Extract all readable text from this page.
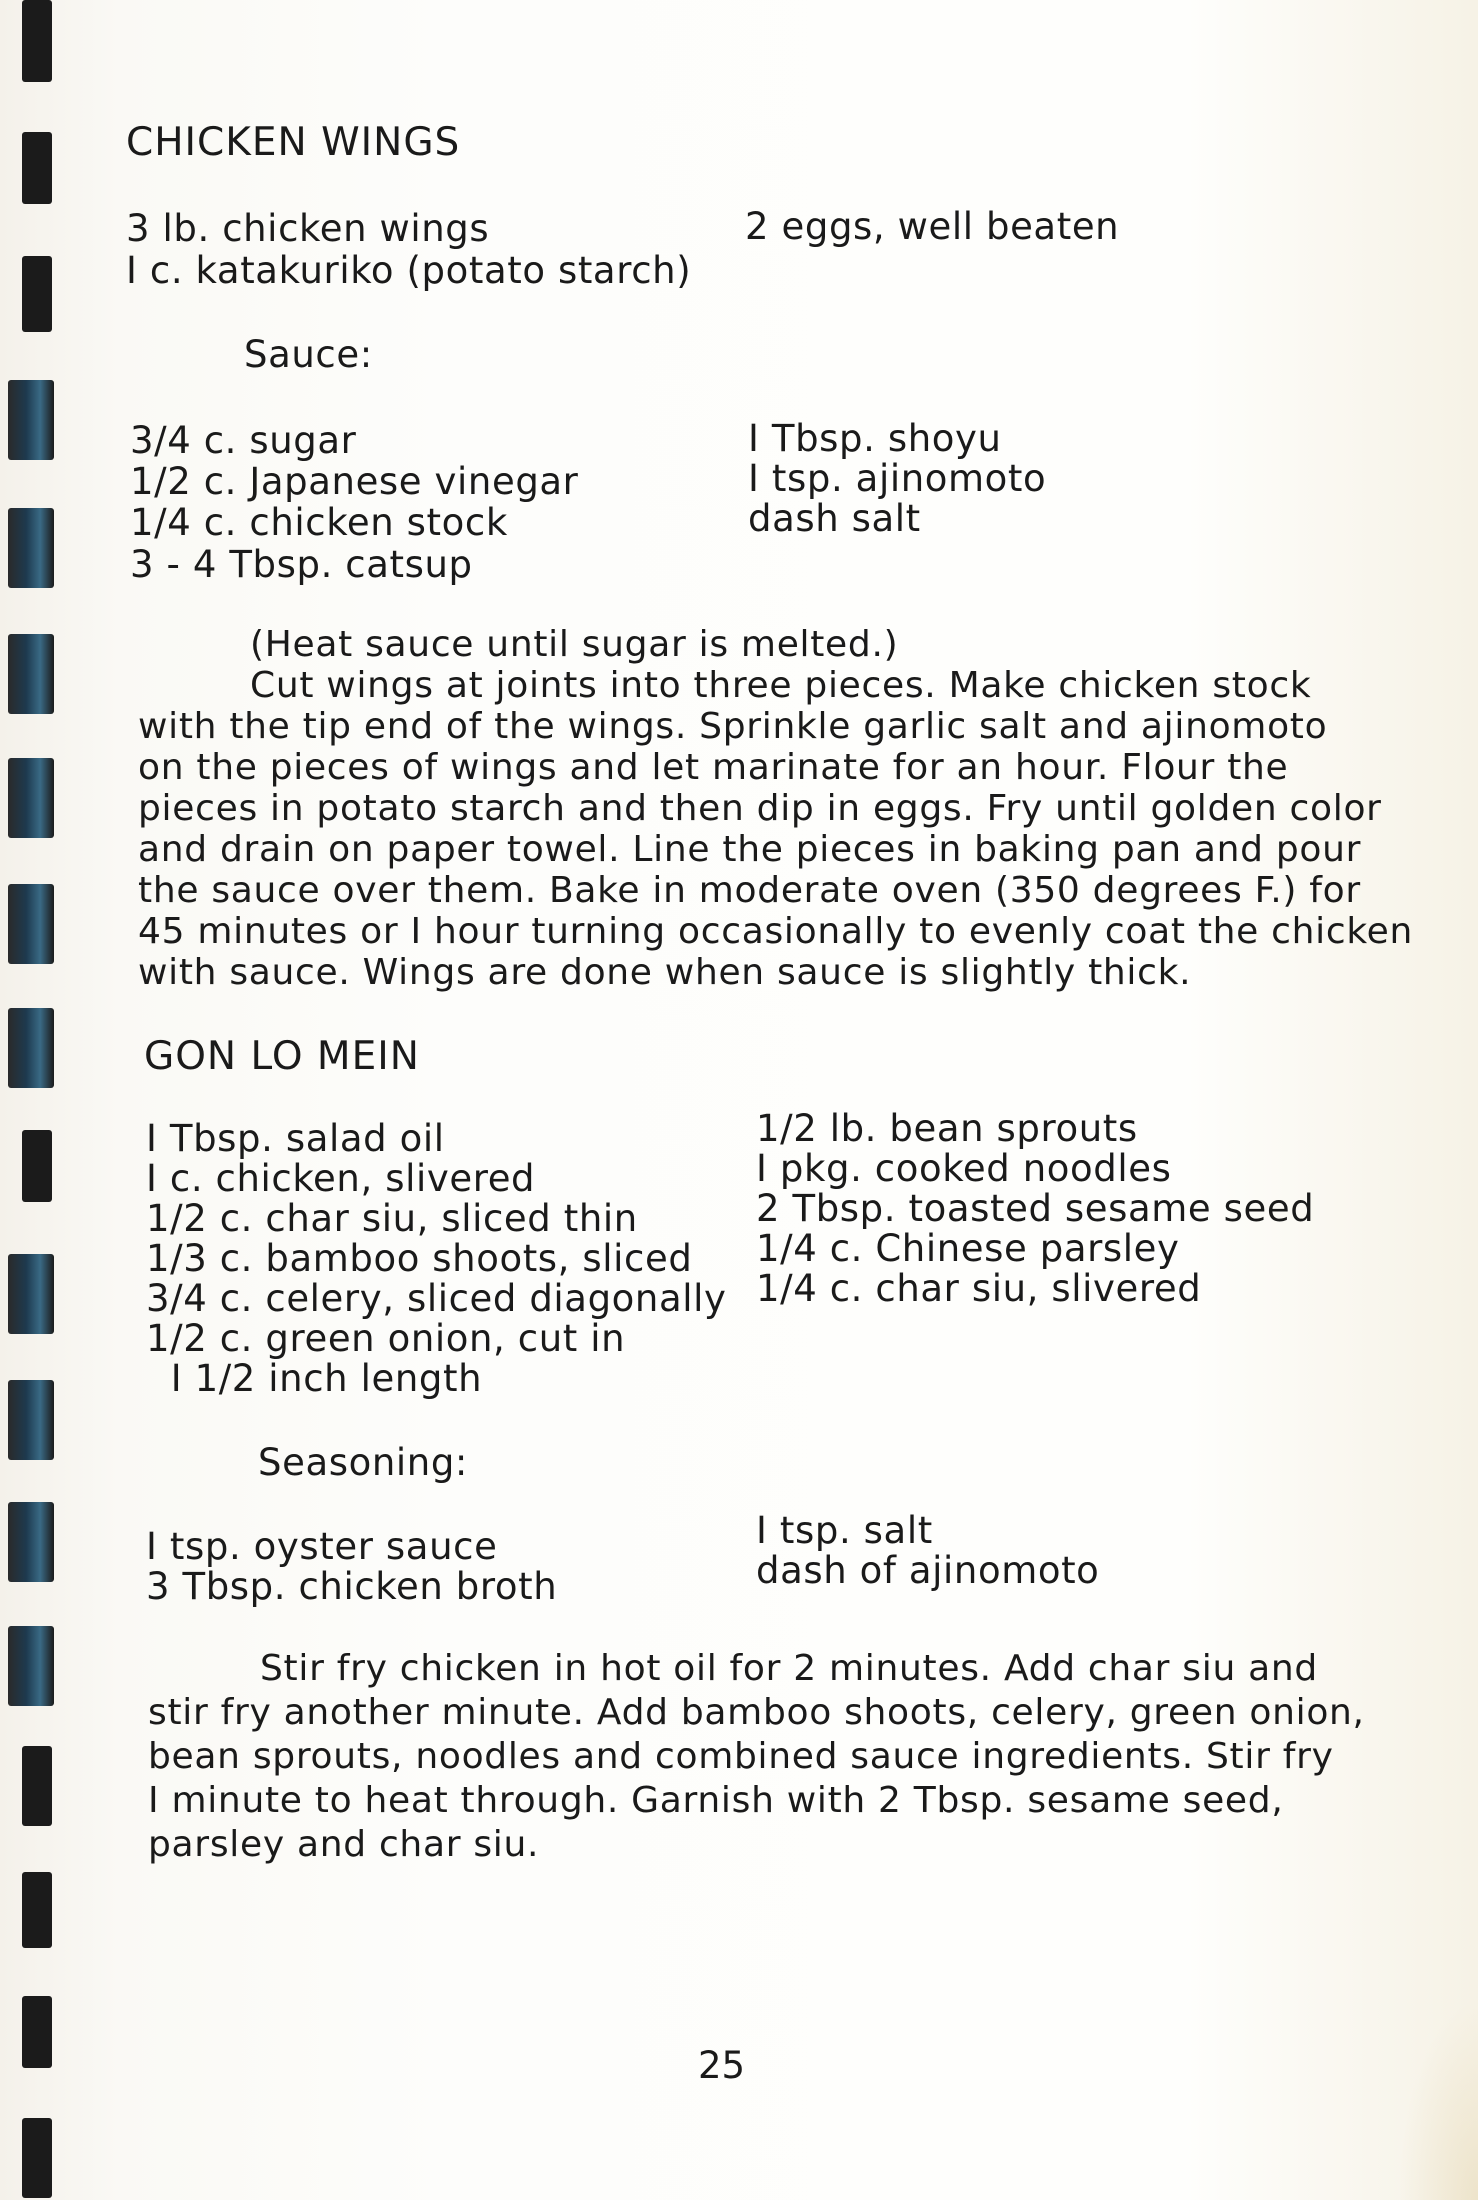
CHICKEN WINGS
3 lb. chicken wings
I c. katakuriko (potato starch)
2 eggs, well beaten
Sauce:
3/4 c. sugar
1/2 c. Japanese vinegar
1/4 c. chicken stock
3 - 4 Tbsp. catsup
I Tbsp. shoyu
I tsp. ajinomoto
dash salt
(Heat sauce until sugar is melted.)
Cut wings at joints into three pieces. Make chicken stock
with the tip end of the wings. Sprinkle garlic salt and ajinomoto
on the pieces of wings and let marinate for an hour. Flour the
pieces in potato starch and then dip in eggs. Fry until golden color
and drain on paper towel. Line the pieces in baking pan and pour
the sauce over them. Bake in moderate oven (350 degrees F.) for
45 minutes or I hour turning occasionally to evenly coat the chicken
with sauce. Wings are done when sauce is slightly thick.
GON LO MEIN
I Tbsp. salad oil
I c. chicken, slivered
1/2 c. char siu, sliced thin
1/3 c. bamboo shoots, sliced
3/4 c. celery, sliced diagonally
1/2 c. green onion, cut in
I 1/2 inch length
1/2 lb. bean sprouts
I pkg. cooked noodles
2 Tbsp. toasted sesame seed
1/4 c. Chinese parsley
1/4 c. char siu, slivered
Seasoning:
I tsp. oyster sauce
3 Tbsp. chicken broth
I tsp. salt
dash of ajinomoto
Stir fry chicken in hot oil for 2 minutes. Add char siu and
stir fry another minute. Add bamboo shoots, celery, green onion,
bean sprouts, noodles and combined sauce ingredients. Stir fry
I minute to heat through. Garnish with 2 Tbsp. sesame seed,
parsley and char siu.
25
